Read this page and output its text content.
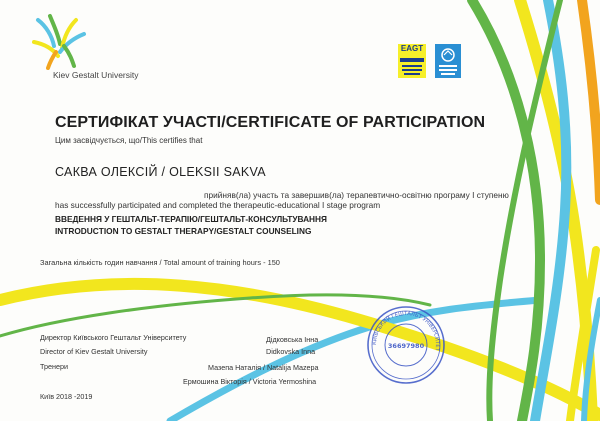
EAGT
Kiev Gestalt University
СЕРТИФІКАТ УЧАСТІ/CERTIFICATE OF PARTICIPATION
Цим засвідчується, що/This certifies that
САКВА ОЛЕКСІЙ / OLEKSII SAKVA
прийняв(ла) участь та завершив(ла) терапевтично-освітню програму I ступеню
has successfully participated and completed the therapeutic-educational I stage program
ВВЕДЕННЯ У ГЕШТАЛЬТ-ТЕРАПІЮ/ГЕШТАЛЬТ-КОНСУЛЬТУВАННЯ
INTRODUCTION TO GESTALT THERAPY/GESTALT COUNSELING
Загальна кількість годин навчання / Total amount of training hours - 150
Директор Київського Гештальт Університету
Director of Kiev Gestalt University
Тренери
Дідковська Інна
Didkovska Inna
Мазепа Наталія / Natalija Mazepa
Ермошина Вікторія / Victoria Yermoshina
Київ 2018 -2019
КИЇВСЬКИЙ ГЕШТАЛЬТ УНІВЕРСИТЕТ
36697980
